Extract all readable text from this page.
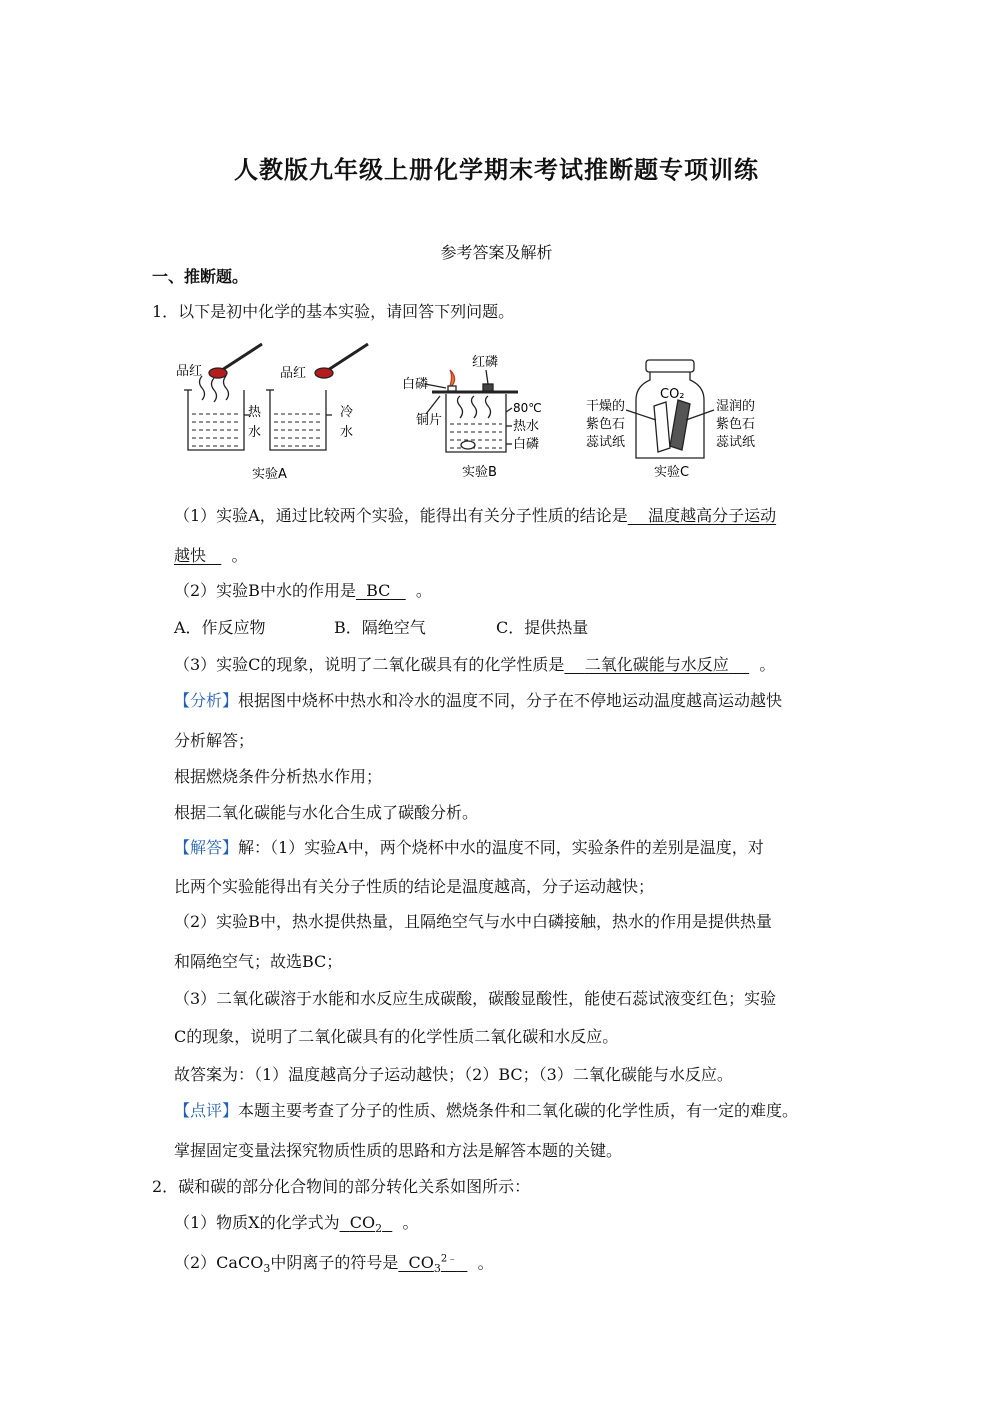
人教版九年级上册化学期末考试推断题专项训练
参考答案及解析
一、推断题。
1．以下是初中化学的基本实验，请回答下列问题。
品红	品红
热
水
冷
水
实验A
红磷
白磷
铜片
80℃
热水
白磷
实验B
CO₂
干燥的
紫色石
蕊试纸
湿润的
紫色石
蕊试纸
实验C
（1）实验A，通过比较两个实验，能得出有关分子性质的结论是 温度越高分子运动
越快 。
（2）实验B中水的作用是 BC 。
A．作反应物	B．隔绝空气	C．提供热量
（3）实验C的现象，说明了二氧化碳具有的化学性质是 二氧化碳能与水反应 。
【分析】根据图中烧杯中热水和冷水的温度不同，分子在不停地运动温度越高运动越快
分析解答；
根据燃烧条件分析热水作用；
根据二氧化碳能与水化合生成了碳酸分析。
【解答】解：（1）实验A中，两个烧杯中水的温度不同，实验条件的差别是温度，对
比两个实验能得出有关分子性质的结论是温度越高，分子运动越快；
（2）实验B中，热水提供热量，且隔绝空气与水中白磷接触，热水的作用是提供热量
和隔绝空气；故选BC；
（3）二氧化碳溶于水能和水反应生成碳酸，碳酸显酸性，能使石蕊试液变红色；实验
C的现象，说明了二氧化碳具有的化学性质二氧化碳和水反应。
故答案为：（1）温度越高分子运动越快；（2）BC；（3）二氧化碳能与水反应。
【点评】本题主要考查了分子的性质、燃烧条件和二氧化碳的化学性质，有一定的难度。
掌握固定变量法探究物质性质的思路和方法是解答本题的关键。
2．碳和碳的部分化合物间的部分转化关系如图所示：
（1）物质X的化学式为 $CO_2$ 。
（2）CaCO$_3$中阴离子的符号是 $CO_3^{2﹣}$ 。
